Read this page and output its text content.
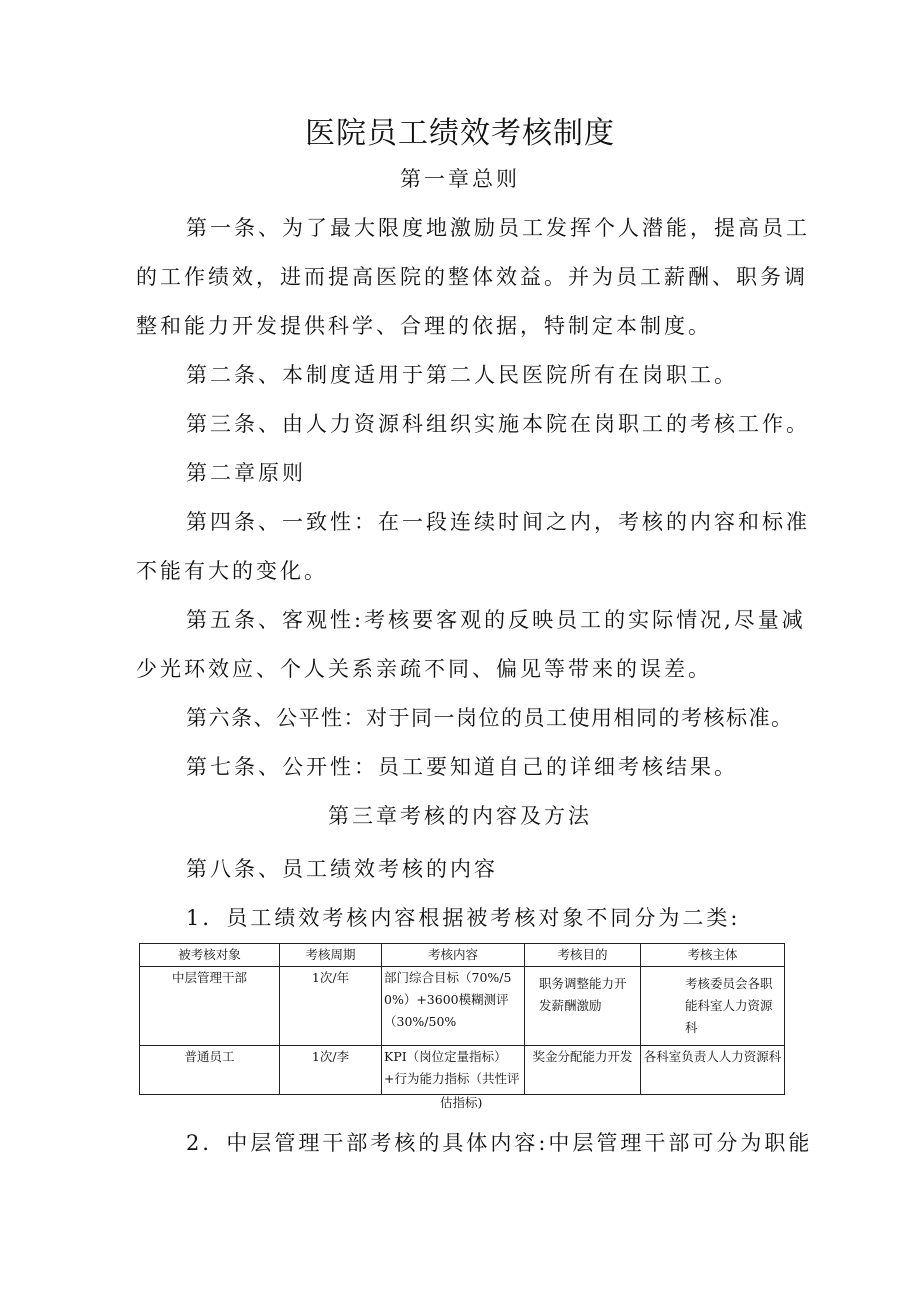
医院员工绩效考核制度
第一章总则
第一条、为了最大限度地激励员工发挥个人潜能，提高员工
的工作绩效，进而提高医院的整体效益。并为员工薪酬、职务调
整和能力开发提供科学、合理的依据，特制定本制度。
第二条、本制度适用于第二人民医院所有在岗职工。
第三条、由人力资源科组织实施本院在岗职工的考核工作。
第二章原则
第四条、一致性：在一段连续时间之内，考核的内容和标准
不能有大的变化。
第五条、客观性:考核要客观的反映员工的实际情况,尽量减
少光环效应、个人关系亲疏不同、偏见等带来的误差。
第六条、公平性：对于同一岗位的员工使用相同的考核标准。
第七条、公开性：员工要知道自己的详细考核结果。
第三章考核的内容及方法
第八条、员工绩效考核的内容
1．员工绩效考核内容根据被考核对象不同分为二类:
被考核对象	考核周期	考核内容	考核目的	考核主体
中层管理干部	1次/年	部门综合目标（70%/50%）+3600模糊测评（30%/50%	职务调整能力开发薪酬激励	考核委员会各职能科室人力资源科
普通员工	1次/李	KPI（岗位定量指标）+行为能力指标（共性评	奖金分配能力开发	各科室负责人人力资源科
估指标)
2．中层管理干部考核的具体内容:中层管理干部可分为职能
